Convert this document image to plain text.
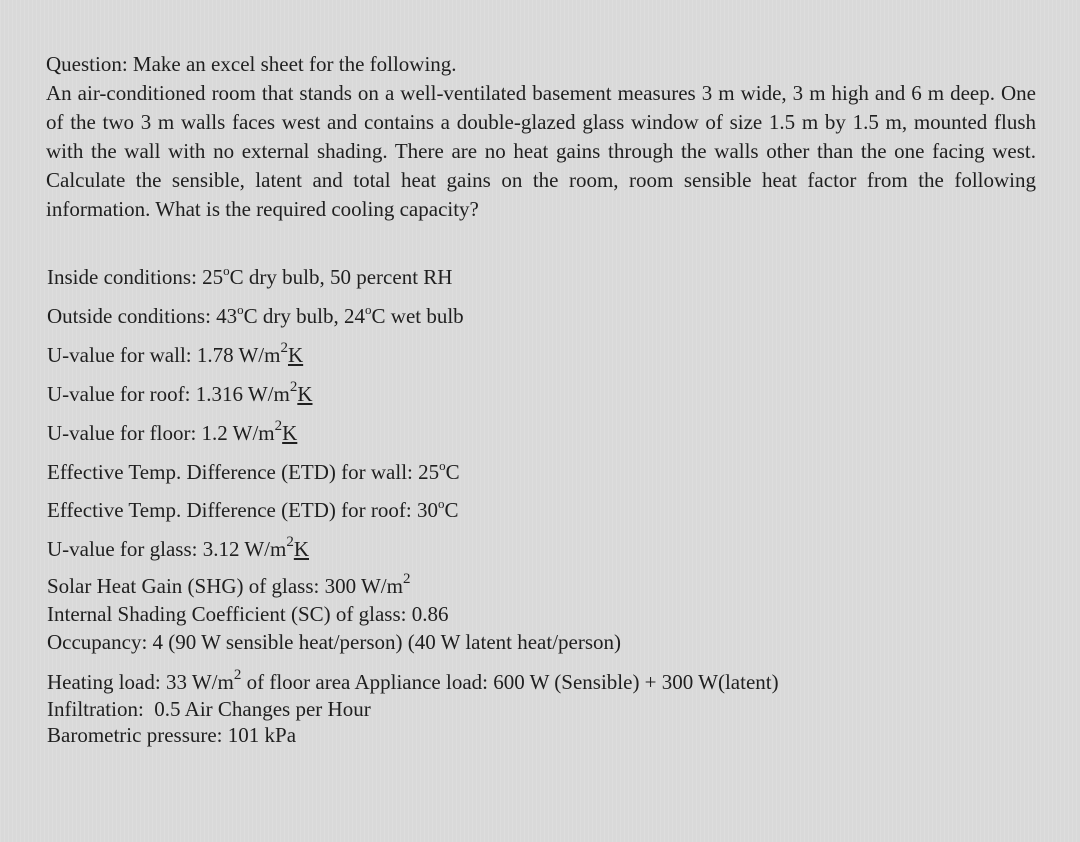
Question: Make an excel sheet for the following.
An air-conditioned room that stands on a well-ventilated basement measures 3 m wide, 3 m high and 6 m deep. One of the two 3 m walls faces west and contains a double-glazed glass window of size 1.5 m by 1.5 m, mounted flush with the wall with no external shading. There are no heat gains through the walls other than the one facing west. Calculate the sensible, latent and total heat gains on the room, room sensible heat factor from the following information. What is the required cooling capacity?

Inside conditions: 25$^o$C dry bulb, 50 percent RH
Outside conditions: 43$^o$C dry bulb, 24$^o$C wet bulb
U-value for wall: 1.78 $W/m^2K$
U-value for roof: 1.316 $W/m^2K$
U-value for floor: 1.2 $W/m^2K$
Effective Temp. Difference (ETD) for wall: 25$^o$C
Effective Temp. Difference (ETD) for roof: 30$^o$C
U-value for glass: 3.12 $W/m^2K$
Solar Heat Gain (SHG) of glass: 300 $W/m^2$
Internal Shading Coefficient (SC) of glass: 0.86
Occupancy: 4 (90 W sensible heat/person) (40 W latent heat/person)
Heating load: 33 $W/m^2$ of floor area Appliance load: 600 W (Sensible) + 300 W(latent)
Infiltration:  0.5 Air Changes per Hour
Barometric pressure: 101 kPa
